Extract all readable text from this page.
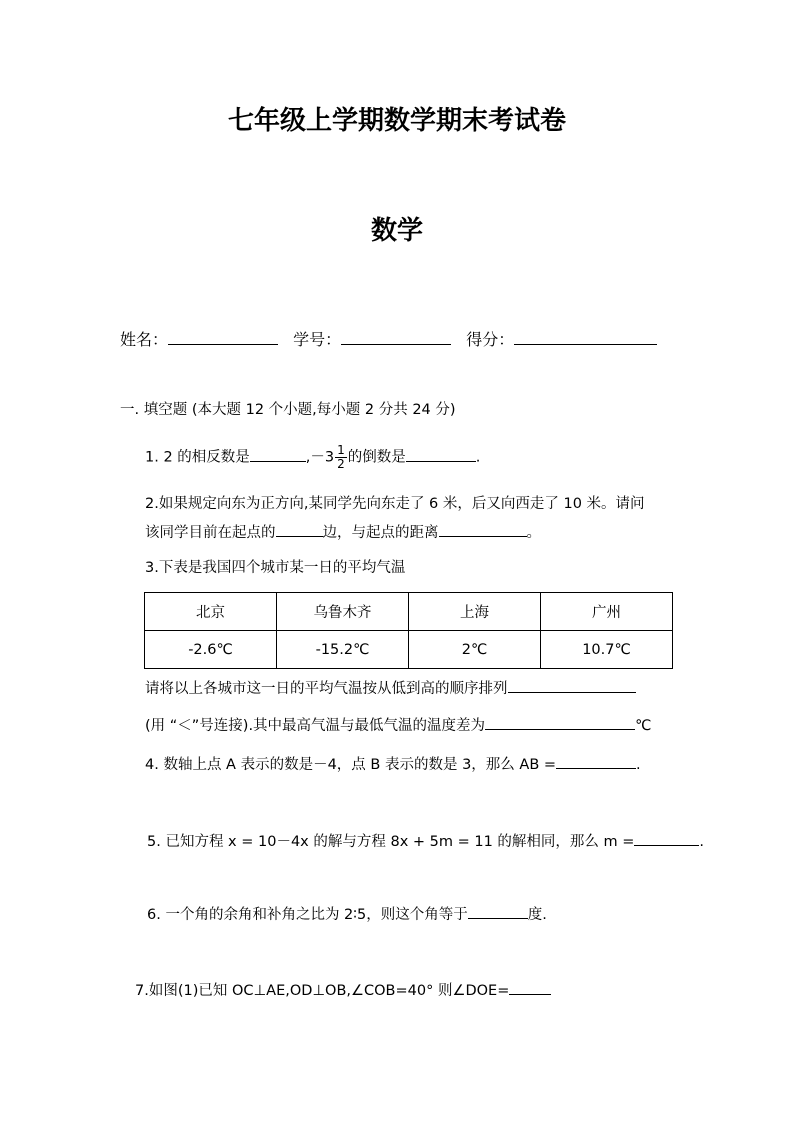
七年级上学期数学期末考试卷
数学
姓名：	学号：	得分：
一. 填空题 (本大题 12 个小题,每小题 2 分共 24 分)
1. 2 的相反数是	$,-3 \frac{1}{2}$ 的倒数是	.
2.如果规定向东为正方向,某同学先向东走了 6 米，后又向西走了 10 米。请问
该同学目前在起点的	边，与起点的距离	。
3.下表是我国四个城市某一日的平均气温
北京	乌鲁木齐	上海	广州
-2.6℃	-15.2℃	2℃	10.7℃
请将以上各城市这一日的平均气温按从低到高的顺序排列
(用 “＜”号连接).其中最高气温与最低气温的温度差为	℃
4. 数轴上点 A 表示的数是－4，点 B 表示的数是 3，那么 AB =	.
5. 已知方程 x = 10－4x 的解与方程 8x + 5m = 11 的解相同，那么 m =	.
6. 一个角的余角和补角之比为 2∶5，则这个角等于	度.
7.如图(1)已知 OC⊥AE,OD⊥OB,∠COB=40° 则∠DOE=
